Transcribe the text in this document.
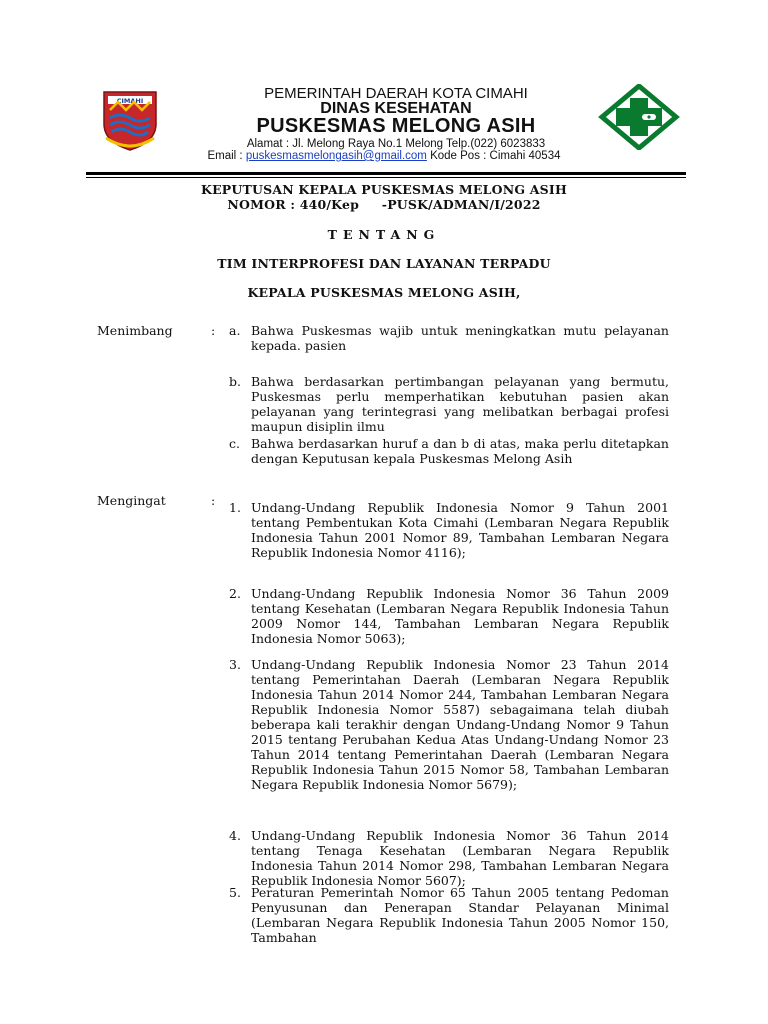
CIMAHI	PEMERINTAH DAERAH KOTA CIMAHI
DINAS KESEHATAN
PUSKESMAS MELONG ASIH
Alamat : Jl. Melong Raya No.1 Melong Telp.(022) 6023833
Email : puskesmasmelongasih@gmail.com Kode Pos : Cimahi 40534
KEPUTUSAN KEPALA PUSKESMAS MELONG ASIH
NOMOR : 440/Kep     -PUSK/ADMAN/I/2022
TENTANG
TIM INTERPROFESI DAN LAYANAN TERPADU
KEPALA PUSKESMAS MELONG ASIH,
Menimbang	: a. Bahwa Puskesmas wajib untuk meningkatkan mutu pelayanan kepada. pasien
b. Bahwa berdasarkan pertimbangan pelayanan yang bermutu, Puskesmas perlu memperhatikan kebutuhan pasien akan pelayanan yang terintegrasi yang melibatkan berbagai profesi maupun disiplin ilmu
c. Bahwa berdasarkan huruf a dan b di atas, maka perlu ditetapkan dengan Keputusan kepala Puskesmas Melong Asih
Mengingat	: 1. Undang-Undang Republik Indonesia Nomor 9 Tahun 2001 tentang Pembentukan Kota Cimahi (Lembaran Negara Republik Indonesia Tahun 2001 Nomor 89, Tambahan Lembaran Negara Republik Indonesia Nomor 4116);
2. Undang-Undang Republik Indonesia Nomor 36 Tahun 2009 tentang Kesehatan (Lembaran Negara Republik Indonesia Tahun 2009 Nomor 144, Tambahan Lembaran Negara Republik Indonesia Nomor 5063);
3. Undang-Undang Republik Indonesia Nomor 23 Tahun 2014 tentang Pemerintahan Daerah (Lembaran Negara Republik Indonesia Tahun 2014 Nomor 244, Tambahan Lembaran Negara Republik Indonesia Nomor 5587) sebagaimana telah diubah beberapa kali terakhir dengan Undang-Undang Nomor 9 Tahun 2015 tentang Perubahan Kedua Atas Undang-Undang Nomor 23 Tahun 2014 tentang Pemerintahan Daerah (Lembaran Negara Republik Indonesia Tahun 2015 Nomor 58, Tambahan Lembaran Negara Republik Indonesia Nomor 5679);
4. Undang-Undang Republik Indonesia Nomor 36 Tahun 2014 tentang Tenaga Kesehatan (Lembaran Negara Republik Indonesia Tahun 2014 Nomor 298, Tambahan Lembaran Negara Republik Indonesia Nomor 5607);
5. Peraturan Pemerintah Nomor 65 Tahun 2005 tentang Pedoman Penyusunan dan Penerapan Standar Pelayanan Minimal (Lembaran Negara Republik Indonesia Tahun 2005 Nomor 150, Tambahan
